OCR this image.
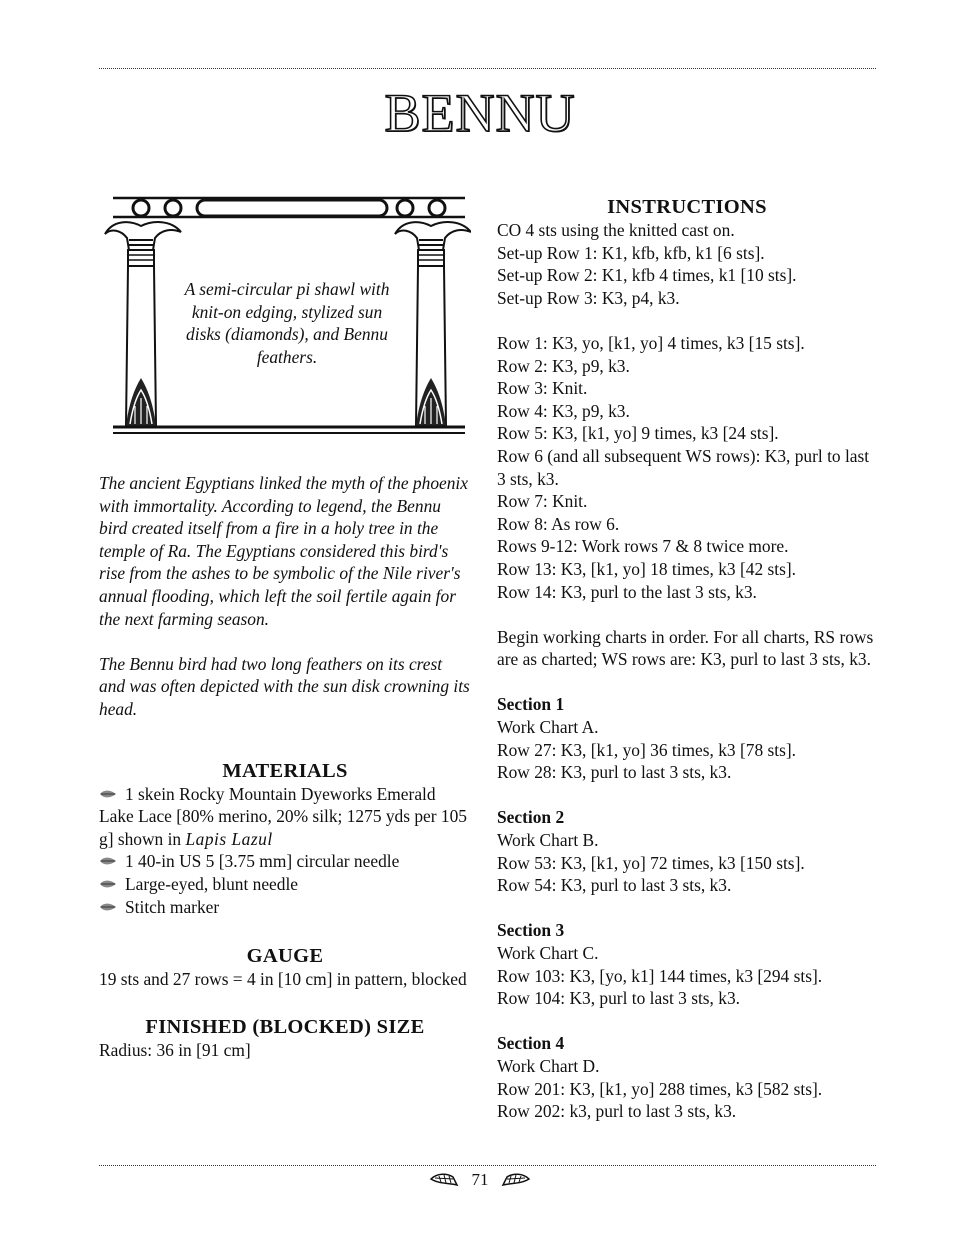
BENNU
A semi-circular pi shawl with knit-on edging, stylized sun disks (diamonds), and Bennu feathers.

The ancient Egyptians linked the myth of the phoenix with immortality. According to legend, the Bennu bird created itself from a fire in a holy tree in the temple of Ra. The Egyptians considered this bird's rise from the ashes to be symbolic of the Nile river's annual flooding, which left the soil fertile again for the next farming season.

The Bennu bird had two long feathers on its crest and was often depicted with the sun disk crowning its head.

MATERIALS
1 skein Rocky Mountain Dyeworks Emerald Lake Lace [80% merino, 20% silk; 1275 yds per 105 g] shown in Lapis Lazul
1 40-in US 5 [3.75 mm] circular needle
Large-eyed, blunt needle
Stitch marker
GAUGE

19 sts and 27 rows = 4 in [10 cm] in pattern, blocked

FINISHED (BLOCKED) SIZE

Radius: 36 in [91 cm]

INSTRUCTIONS

CO 4 sts using the knitted cast on.

Set-up Row 1: K1, kfb, kfb, k1 [6 sts].

Set-up Row 2: K1, kfb 4 times, k1 [10 sts].

Set-up Row 3: K3, p4, k3.

Row 1: K3, yo, [k1, yo] 4 times, k3 [15 sts].

Row 2: K3, p9, k3.

Row 3: Knit.

Row 4: K3, p9, k3.

Row 5: K3, [k1, yo] 9 times, k3 [24 sts].

Row 6 (and all subsequent WS rows): K3, purl to last 3 sts, k3.

Row 7: Knit.

Row 8: As row 6.

Rows 9-12: Work rows 7 & 8 twice more.

Row 13: K3, [k1, yo] 18 times, k3 [42 sts].

Row 14: K3, purl to the last 3 sts, k3.

Begin working charts in order. For all charts, RS rows are as charted; WS rows are: K3, purl to last 3 sts, k3.

Section 1

Work Chart A.

Row 27: K3, [k1, yo] 36 times, k3 [78 sts].

Row 28: K3, purl to last 3 sts, k3.

Section 2

Work Chart B.

Row 53: K3, [k1, yo] 72 times, k3 [150 sts].

Row 54: K3, purl to last 3 sts, k3.

Section 3

Work Chart C.

Row 103: K3, [yo, k1] 144 times, k3 [294 sts].

Row 104: K3, purl to last 3 sts, k3.

Section 4

Work Chart D.

Row 201: K3, [k1, yo] 288 times, k3 [582 sts].

Row 202: k3, purl to last 3 sts, k3.

71
